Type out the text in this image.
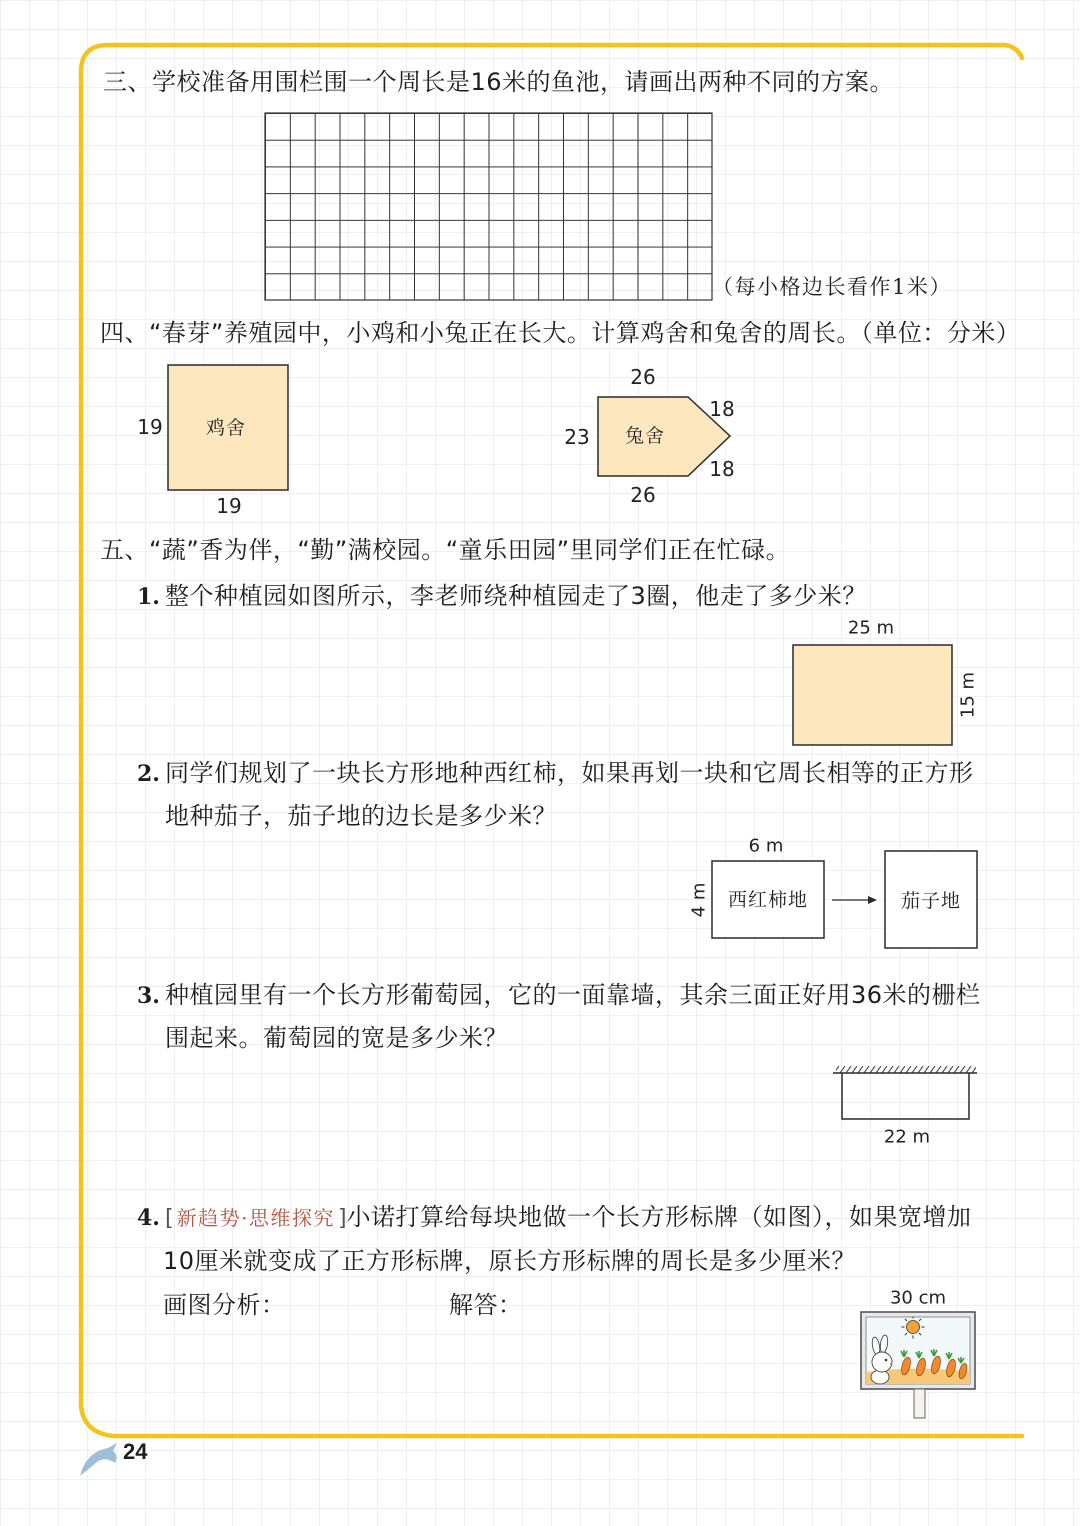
鸡舍
19
19
兔舍
26
23
18
18
26
25 m
15 m
西红柿地
6 m
4 m	茄子地
22 m
30 cm
三、学校准备用围栏围一个周长是16米的鱼池，请画出两种不同的方案。
（每小格边长看作1米）
四、“春芽”养殖园中，小鸡和小兔正在长大。计算鸡舍和兔舍的周长。（单位：分米）
五、“蔬”香为伴，“勤”满校园。“童乐田园”里同学们正在忙碌。
1. 整个种植园如图所示，李老师绕种植园走了3圈，他走了多少米？
2. 同学们规划了一块长方形地种西红柿，如果再划一块和它周长相等的正方形
地种茄子，茄子地的边长是多少米？
3. 种植园里有一个长方形葡萄园，它的一面靠墙，其余三面正好用36米的栅栏
围起来。葡萄园的宽是多少米？
4. [ 新趋势·思维探究 ]小诺打算给每块地做一个长方形标牌（如图），如果宽增加
10厘米就变成了正方形标牌，原长方形标牌的周长是多少厘米？
画图分析：	解答：
24
